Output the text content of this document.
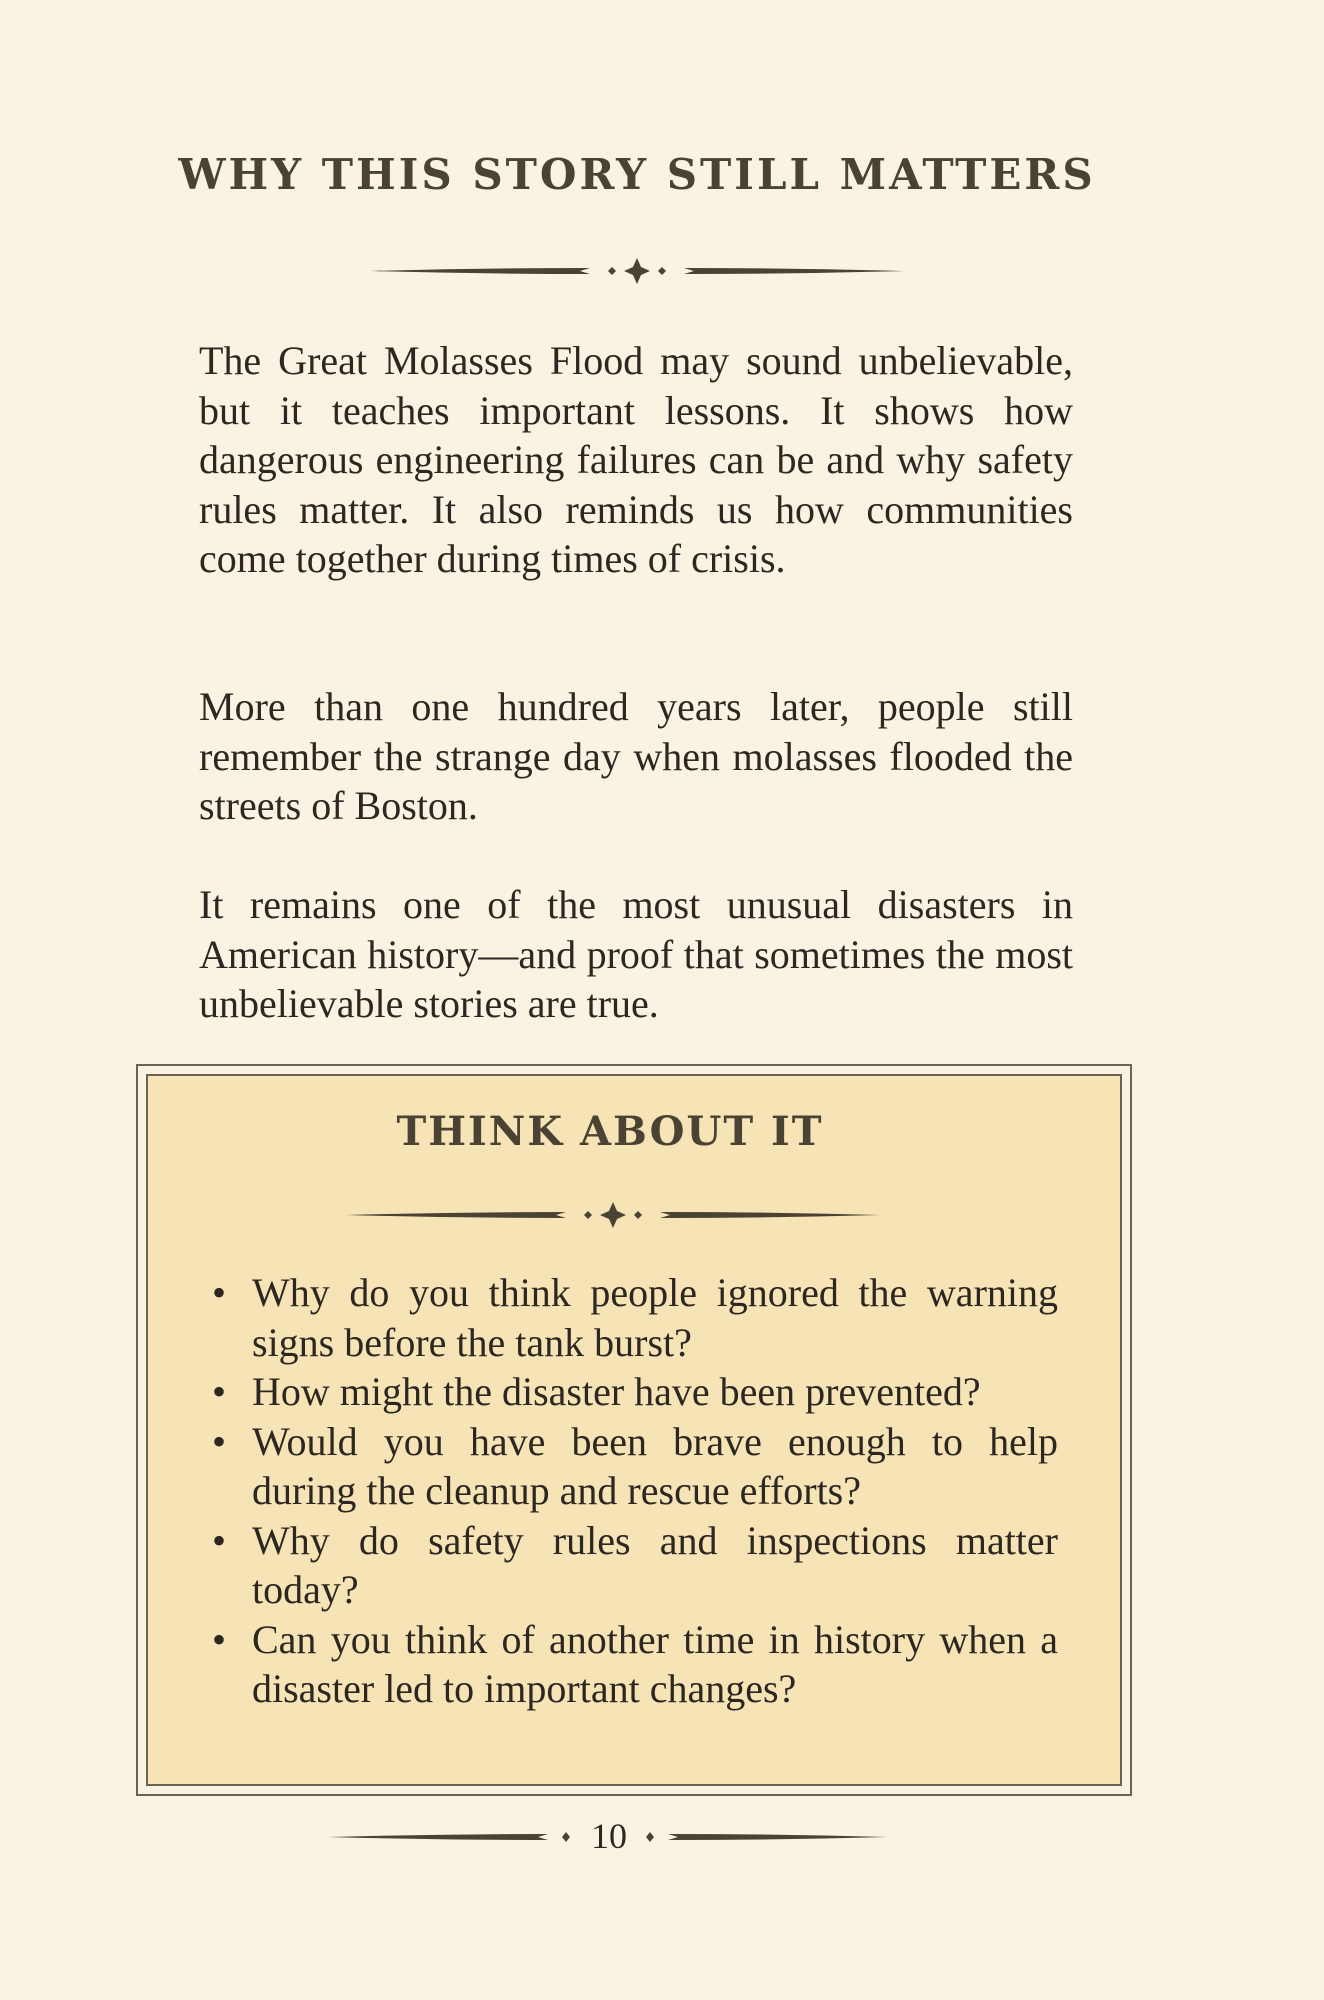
WHY THIS STORY STILL MATTERS

The Great Molasses Flood may sound unbelievable, but it teaches important lessons. It shows how dangerous engineering failures can be and why safety rules matter. It also reminds us how communities come together during times of crisis.

More than one hundred years later, people still remember the strange day when molasses flooded the streets of Boston.

It remains one of the most unusual disasters in American history—and proof that sometimes the most unbelievable stories are true.

THINK ABOUT IT
• Why do you think people ignored the warning signs before the tank burst?
• How might the disaster have been prevented?
• Would you have been brave enough to help during the cleanup and rescue efforts?
• Why do safety rules and inspections matter today?
• Can you think of another time in history when a disaster led to important changes?
10
